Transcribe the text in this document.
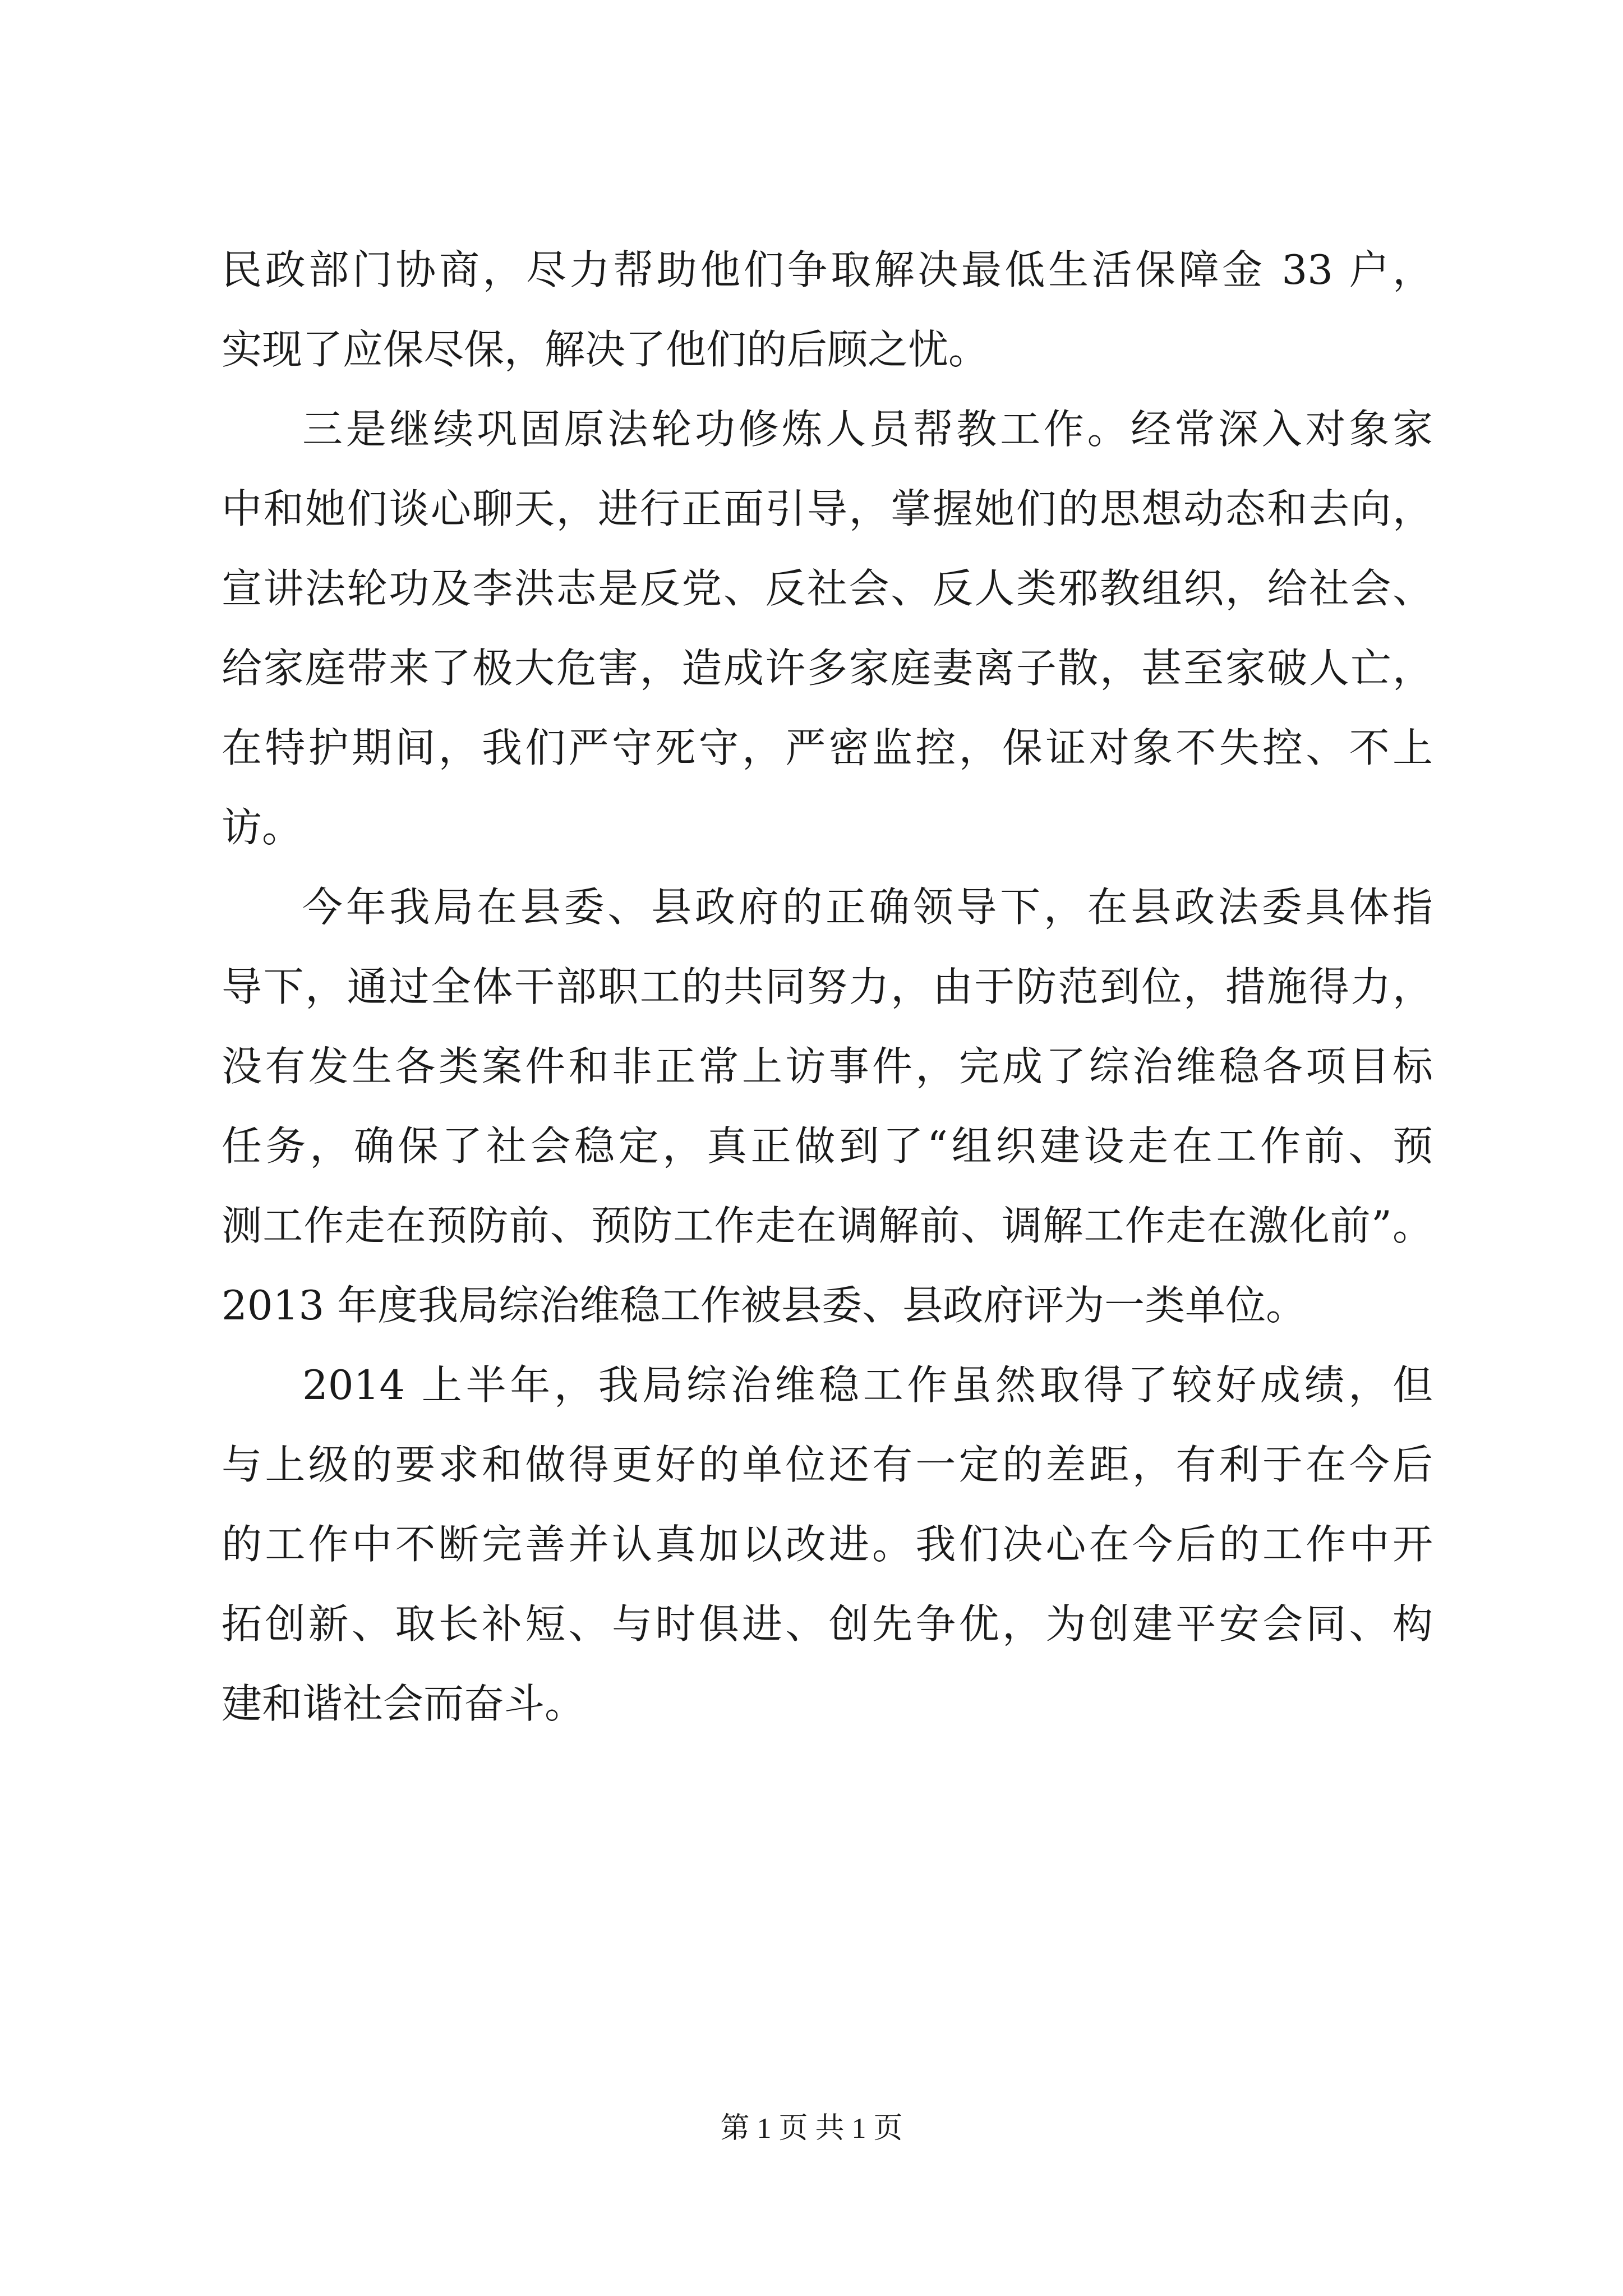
民政部门协商，尽力帮助他们争取解决最低生活保障金 33 户，
实现了应保尽保，解决了他们的后顾之忧。
三是继续巩固原法轮功修炼人员帮教工作。经常深入对象家
中和她们谈心聊天，进行正面引导，掌握她们的思想动态和去向，
宣讲法轮功及李洪志是反党、反社会、反人类邪教组织，给社会、
给家庭带来了极大危害，造成许多家庭妻离子散，甚至家破人亡，
在特护期间，我们严守死守，严密监控，保证对象不失控、不上
访。
今年我局在县委、县政府的正确领导下，在县政法委具体指
导下，通过全体干部职工的共同努力，由于防范到位，措施得力，
没有发生各类案件和非正常上访事件，完成了综治维稳各项目标
任务，确保了社会稳定，真正做到了“组织建设走在工作前、预
测工作走在预防前、预防工作走在调解前、调解工作走在激化前”。
2013 年度我局综治维稳工作被县委、县政府评为一类单位。
2014 上半年，我局综治维稳工作虽然取得了较好成绩，但
与上级的要求和做得更好的单位还有一定的差距，有利于在今后
的工作中不断完善并认真加以改进。我们决心在今后的工作中开
拓创新、取长补短、与时俱进、创先争优，为创建平安会同、构
建和谐社会而奋斗。
第 1 页 共 1 页
